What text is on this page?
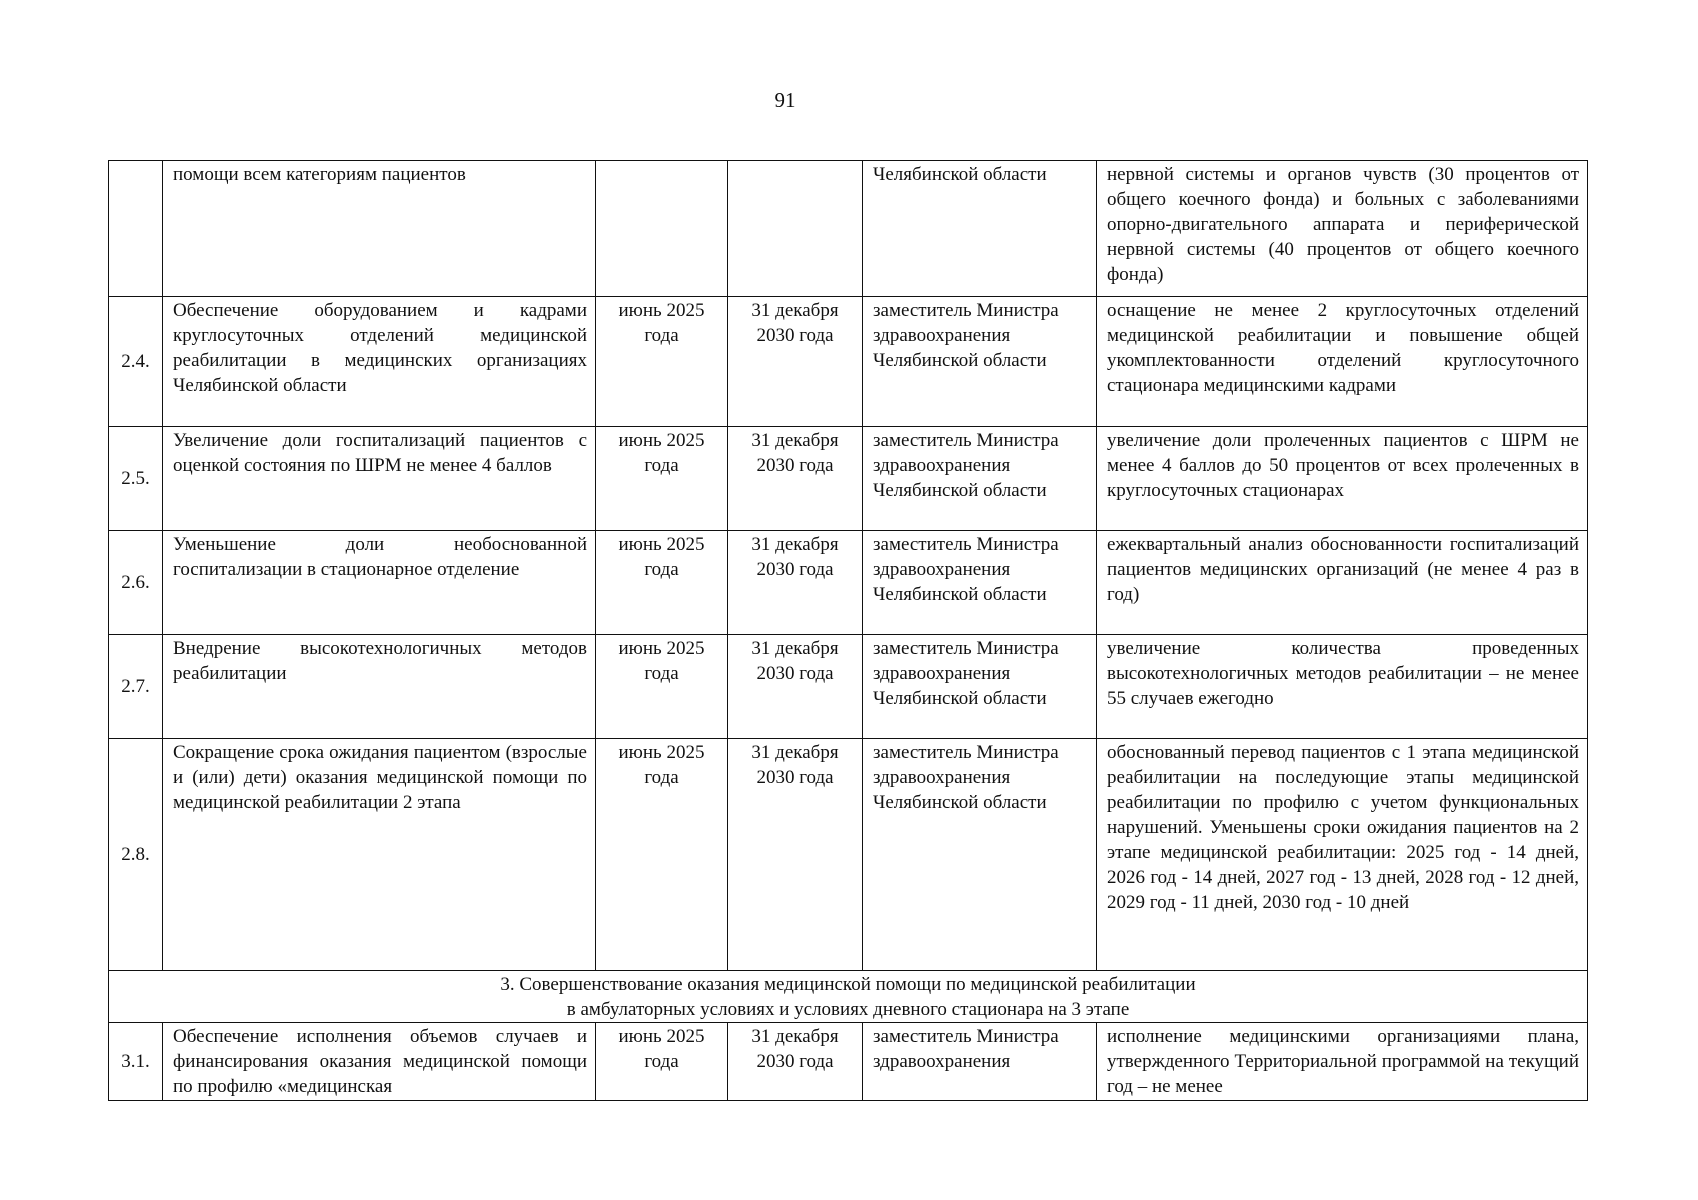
91
	помощи всем категориям пациентов			Челябинской области	нервной системы и органов чувств (30 процентов от общего коечного фонда) и больных с заболеваниями опорно-двигательного аппарата и периферической нервной системы (40 процентов от общего коечного фонда)
2.4.	Обеспечение оборудованием и кадрами круглосуточных отделений медицинской реабилитации в медицинских организациях Челябинской области	июнь 2025 года	31 декабря 2030 года	заместитель Министра здравоохранения Челябинской области	оснащение не менее 2 круглосуточных отделений медицинской реабилитации и повышение общей укомплектованности отделений круглосуточного стационара медицинскими кадрами
2.5.	Увеличение доли госпитализаций пациентов с оценкой состояния по ШРМ не менее 4 баллов	июнь 2025 года	31 декабря 2030 года	заместитель Министра здравоохранения Челябинской области	увеличение доли пролеченных пациентов с ШРМ не менее 4 баллов до 50 процентов от всех пролеченных в круглосуточных стационарах
2.6.	Уменьшение доли необоснованной госпитализации в стационарное отделение	июнь 2025 года	31 декабря 2030 года	заместитель Министра здравоохранения Челябинской области	ежеквартальный анализ обоснованности госпитализаций пациентов медицинских организаций (не менее 4 раз в год)
2.7.	Внедрение высокотехнологичных методов реабилитации	июнь 2025 года	31 декабря 2030 года	заместитель Министра здравоохранения Челябинской области	увеличение количества проведенных высокотехнологичных методов реабилитации – не менее 55 случаев ежегодно
2.8.	Сокращение срока ожидания пациентом (взрослые и (или) дети) оказания медицинской помощи по медицинской реабилитации 2 этапа	июнь 2025 года	31 декабря 2030 года	заместитель Министра здравоохранения Челябинской области	обоснованный перевод пациентов с 1 этапа медицинской реабилитации на последующие этапы медицинской реабилитации по профилю с учетом функциональных нарушений. Уменьшены сроки ожидания пациентов на 2 этапе медицинской реабилитации: 2025 год - 14 дней, 2026 год - 14 дней, 2027 год - 13 дней, 2028 год - 12 дней, 2029 год - 11 дней, 2030 год - 10 дней

3. Совершенствование оказания медицинской помощи по медицинской реабилитации
в амбулаторных условиях и условиях дневного стационара на 3 этапе					

3.1.	Обеспечение исполнения объемов случаев и финансирования оказания медицинской помощи по профилю «медицинская	июнь 2025 года	31 декабря 2030 года	заместитель Министра здравоохранения	исполнение медицинскими организациями плана, утвержденного Территориальной программой на текущий год – не менее
